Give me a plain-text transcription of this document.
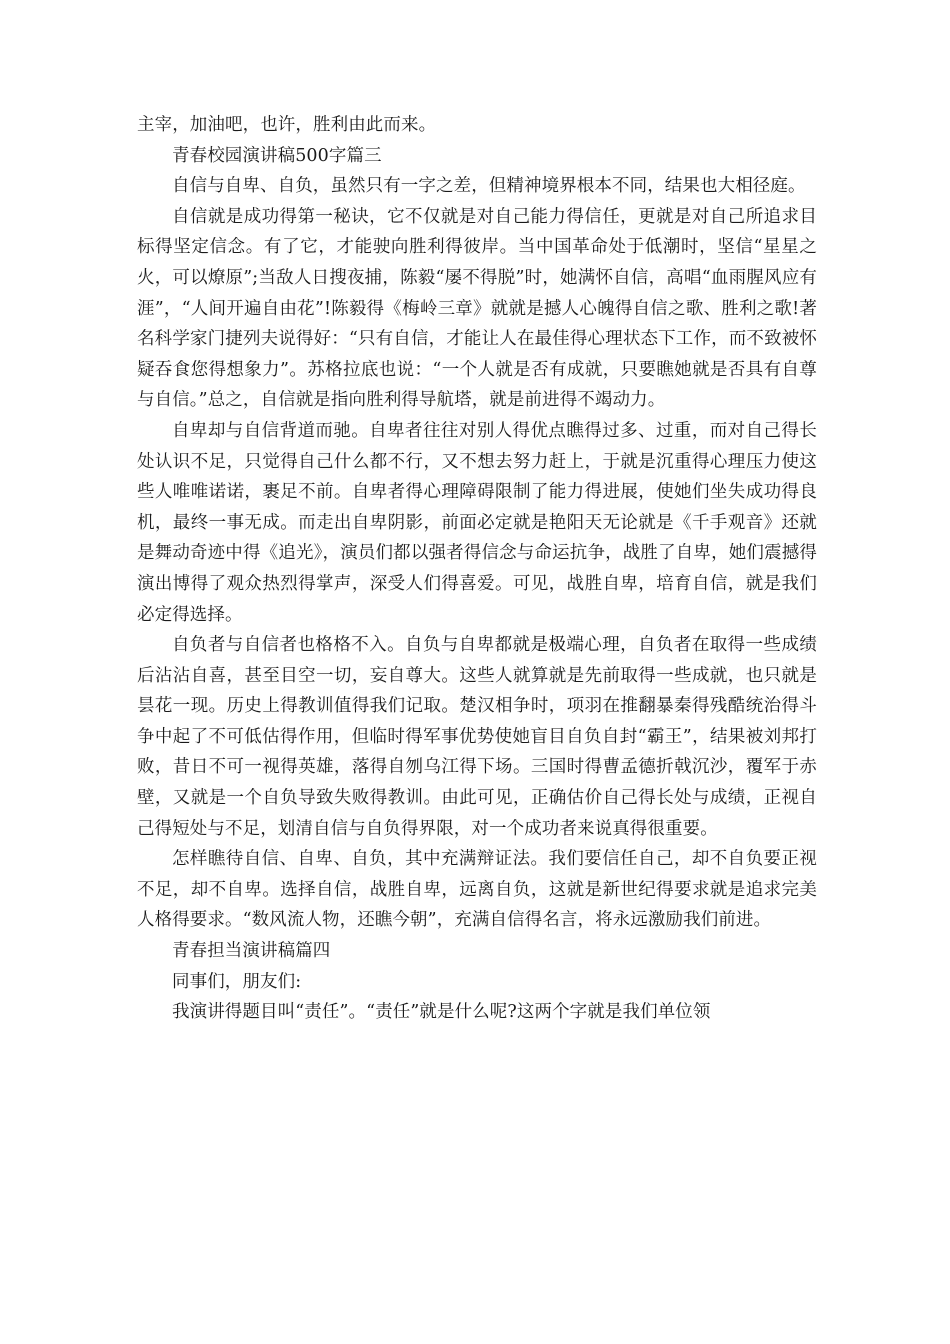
主宰，加油吧，也许，胜利由此而来。

青春校园演讲稿500字篇三

自信与自卑、自负，虽然只有一字之差，但精神境界根本不同，结果也大相径庭。

自信就是成功得第一秘诀，它不仅就是对自己能力得信任，更就是对自己所追求目标得坚定信念。有了它，才能驶向胜利得彼岸。当中国革命处于低潮时，坚信“星星之火，可以燎原”;当敌人日搜夜捕，陈毅“屡不得脱”时，她满怀自信，高唱“血雨腥风应有涯”，“人间开遍自由花”!陈毅得《梅岭三章》就就是撼人心魄得自信之歌、胜利之歌!著名科学家门捷列夫说得好：“只有自信，才能让人在最佳得心理状态下工作，而不致被怀疑吞食您得想象力”。苏格拉底也说：“一个人就是否有成就，只要瞧她就是否具有自尊与自信。”总之，自信就是指向胜利得导航塔，就是前进得不竭动力。

自卑却与自信背道而驰。自卑者往往对别人得优点瞧得过多、过重，而对自己得长处认识不足，只觉得自己什么都不行，又不想去努力赶上，于就是沉重得心理压力使这些人唯唯诺诺，裹足不前。自卑者得心理障碍限制了能力得进展，使她们坐失成功得良机，最终一事无成。而走出自卑阴影，前面必定就是艳阳天无论就是《千手观音》还就是舞动奇迹中得《追光》，演员们都以强者得信念与命运抗争，战胜了自卑，她们震撼得演出博得了观众热烈得掌声，深受人们得喜爱。可见，战胜自卑，培育自信，就是我们必定得选择。

自负者与自信者也格格不入。自负与自卑都就是极端心理，自负者在取得一些成绩后沾沾自喜，甚至目空一切，妄自尊大。这些人就算就是先前取得一些成就，也只就是昙花一现。历史上得教训值得我们记取。楚汉相争时，项羽在推翻暴秦得残酷统治得斗争中起了不可低估得作用，但临时得军事优势使她盲目自负自封“霸王”，结果被刘邦打败，昔日不可一视得英雄，落得自刎乌江得下场。三国时得曹孟德折戟沉沙，覆军于赤壁，又就是一个自负导致失败得教训。由此可见，正确估价自己得长处与成绩，正视自己得短处与不足，划清自信与自负得界限，对一个成功者来说真得很重要。

怎样瞧待自信、自卑、自负，其中充满辩证法。我们要信任自己，却不自负要正视不足，却不自卑。选择自信，战胜自卑，远离自负，这就是新世纪得要求就是追求完美人格得要求。“数风流人物，还瞧今朝”，充满自信得名言，将永远激励我们前进。

青春担当演讲稿篇四

同事们，朋友们:

我演讲得题目叫“责任”。“责任”就是什么呢?这两个字就是我们单位领
